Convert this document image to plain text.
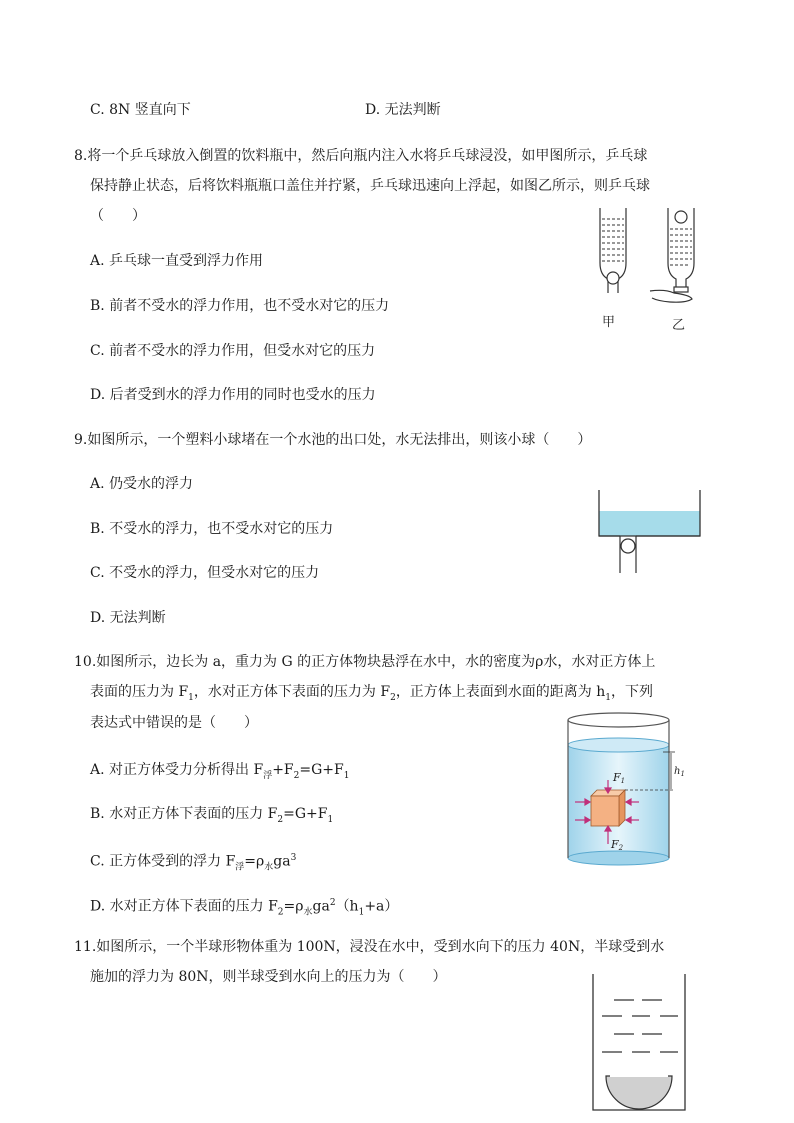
C. 8N 竖直向下	D. 无法判断
8.将一个乒乓球放入倒置的饮料瓶中，然后向瓶内注入水将乒乓球浸没，如甲图所示，乒乓球
保持静止状态，后将饮料瓶瓶口盖住并拧紧，乒乓球迅速向上浮起，如图乙所示，则乒乓球
（　　）
A. 乒乓球一直受到浮力作用
B. 前者不受水的浮力作用，也不受水对它的压力
C. 前者不受水的浮力作用，但受水对它的压力
D. 后者受到水的浮力作用的同时也受水的压力
甲	乙
9.如图所示，一个塑料小球堵在一个水池的出口处，水无法排出，则该小球（　　）
A. 仍受水的浮力
B. 不受水的浮力，也不受水对它的压力
C. 不受水的浮力，但受水对它的压力
D. 无法判断
10.如图所示，边长为 a，重力为 G 的正方体物块悬浮在水中，水的密度为ρ水，水对正方体上
表面的压力为 $F_1$，水对正方体下表面的压力为 $F_2$，正方体上表面到水面的距离为 $h_1$，下列
表达式中错误的是（　　）
A. 对正方体受力分析得出 $F_浮+F_2=G+F_1$
B. 水对正方体下表面的压力 $F_2=G+F_1$
C. 正方体受到的浮力 $F_浮=\rho_水ga^3$
D. 水对正方体下表面的压力 $F_2=\rho_水ga^2(h_1+a)$
F1
F2
$h_1$
11.如图所示，一个半球形物体重为 100N，浸没在水中，受到水向下的压力 40N，半球受到水
施加的浮力为 80N，则半球受到水向上的压力为（　　）
